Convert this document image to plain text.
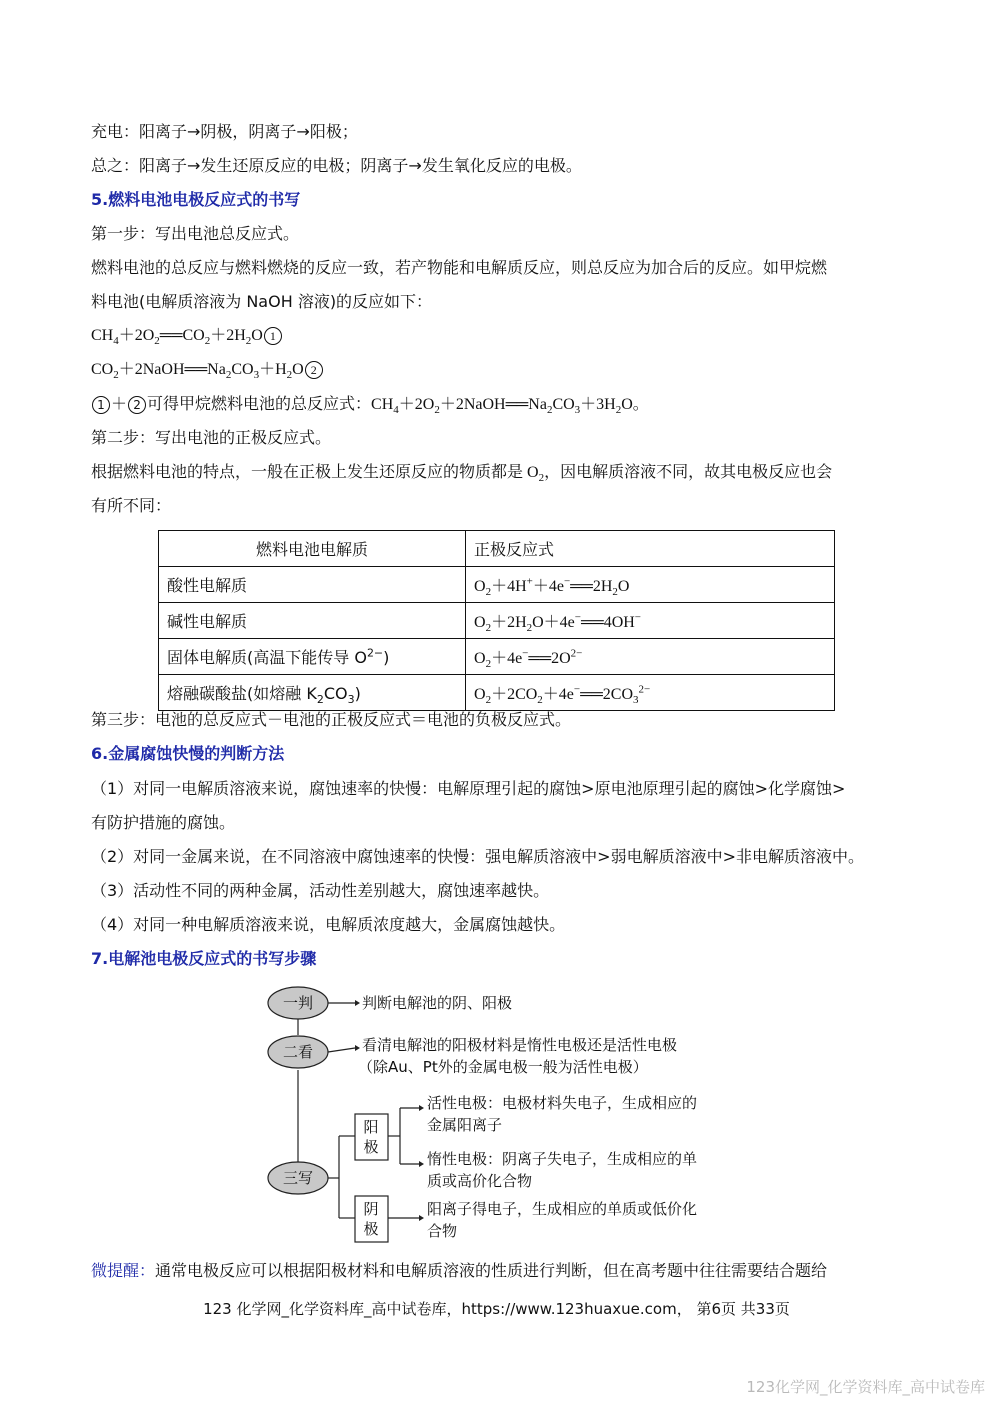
充电：阳离子→阴极，阴离子→阳极；
总之：阳离子→发生还原反应的电极；阴离子→发生氧化反应的电极。
5.燃料电池电极反应式的书写
第一步：写出电池总反应式。
燃料电池的总反应与燃料燃烧的反应一致，若产物能和电解质反应，则总反应为加合后的反应。如甲烷燃
料电池(电解质溶液为 NaOH 溶液)的反应如下：
$CH_4+2O_2══CO_2+2H_2O$ 1
$CO_2+2NaOH══Na_2CO_3+H_2O$ 2
1 ＋ 2 可得甲烷燃料电池的总反应式：$CH_4+2O_2+2NaOH══Na_2CO_3+3H_2O$。
第二步：写出电池的正极反应式。
根据燃料电池的特点，一般在正极上发生还原反应的物质都是 $O_2$，因电解质溶液不同，故其电极反应也会
有所不同：
燃料电池电解质	正极反应式
酸性电解质	$O_2+4H^++4e^-══2H_2O$
碱性电解质	$O_2+2H_2O+4e^-══4OH^-$
固体电解质(高温下能传导 $O^{2-}$)	$O_2+4e^-══2O^{2-}$
熔融碳酸盐(如熔融 $K_2CO_3$)	$O_2+2CO_2+4e^-══2CO_3^{2-}$
第三步：电池的总反应式－电池的正极反应式＝电池的负极反应式。
6.金属腐蚀快慢的判断方法
（1）对同一电解质溶液来说，腐蚀速率的快慢：电解原理引起的腐蚀>原电池原理引起的腐蚀>化学腐蚀>
有防护措施的腐蚀。
（2）对同一金属来说，在不同溶液中腐蚀速率的快慢：强电解质溶液中>弱电解质溶液中>非电解质溶液中。
（3）活动性不同的两种金属，活动性差别越大，腐蚀速率越快。
（4）对同一种电解质溶液来说，电解质浓度越大，金属腐蚀越快。
7.电解池电极反应式的书写步骤
一判
二看
三写
判断电解池的阴、阳极
看清电解池的阳极材料是惰性电极还是活性电极
（除Au、Pt外的金属电极一般为活性电极）
阳
极
阴
极
活性电极：电极材料失电子，生成相应的
金属阳离子
惰性电极：阴离子失电子，生成相应的单
质或高价化合物
阳离子得电子，生成相应的单质或低价化
合物
微提醒：通常电极反应可以根据阳极材料和电解质溶液的性质进行判断，但在高考题中往往需要结合题给
123 化学网_化学资料库_高中试卷库，https://www.123huaxue.com， 第6页 共33页
123化学网_化学资料库_高中试卷库
